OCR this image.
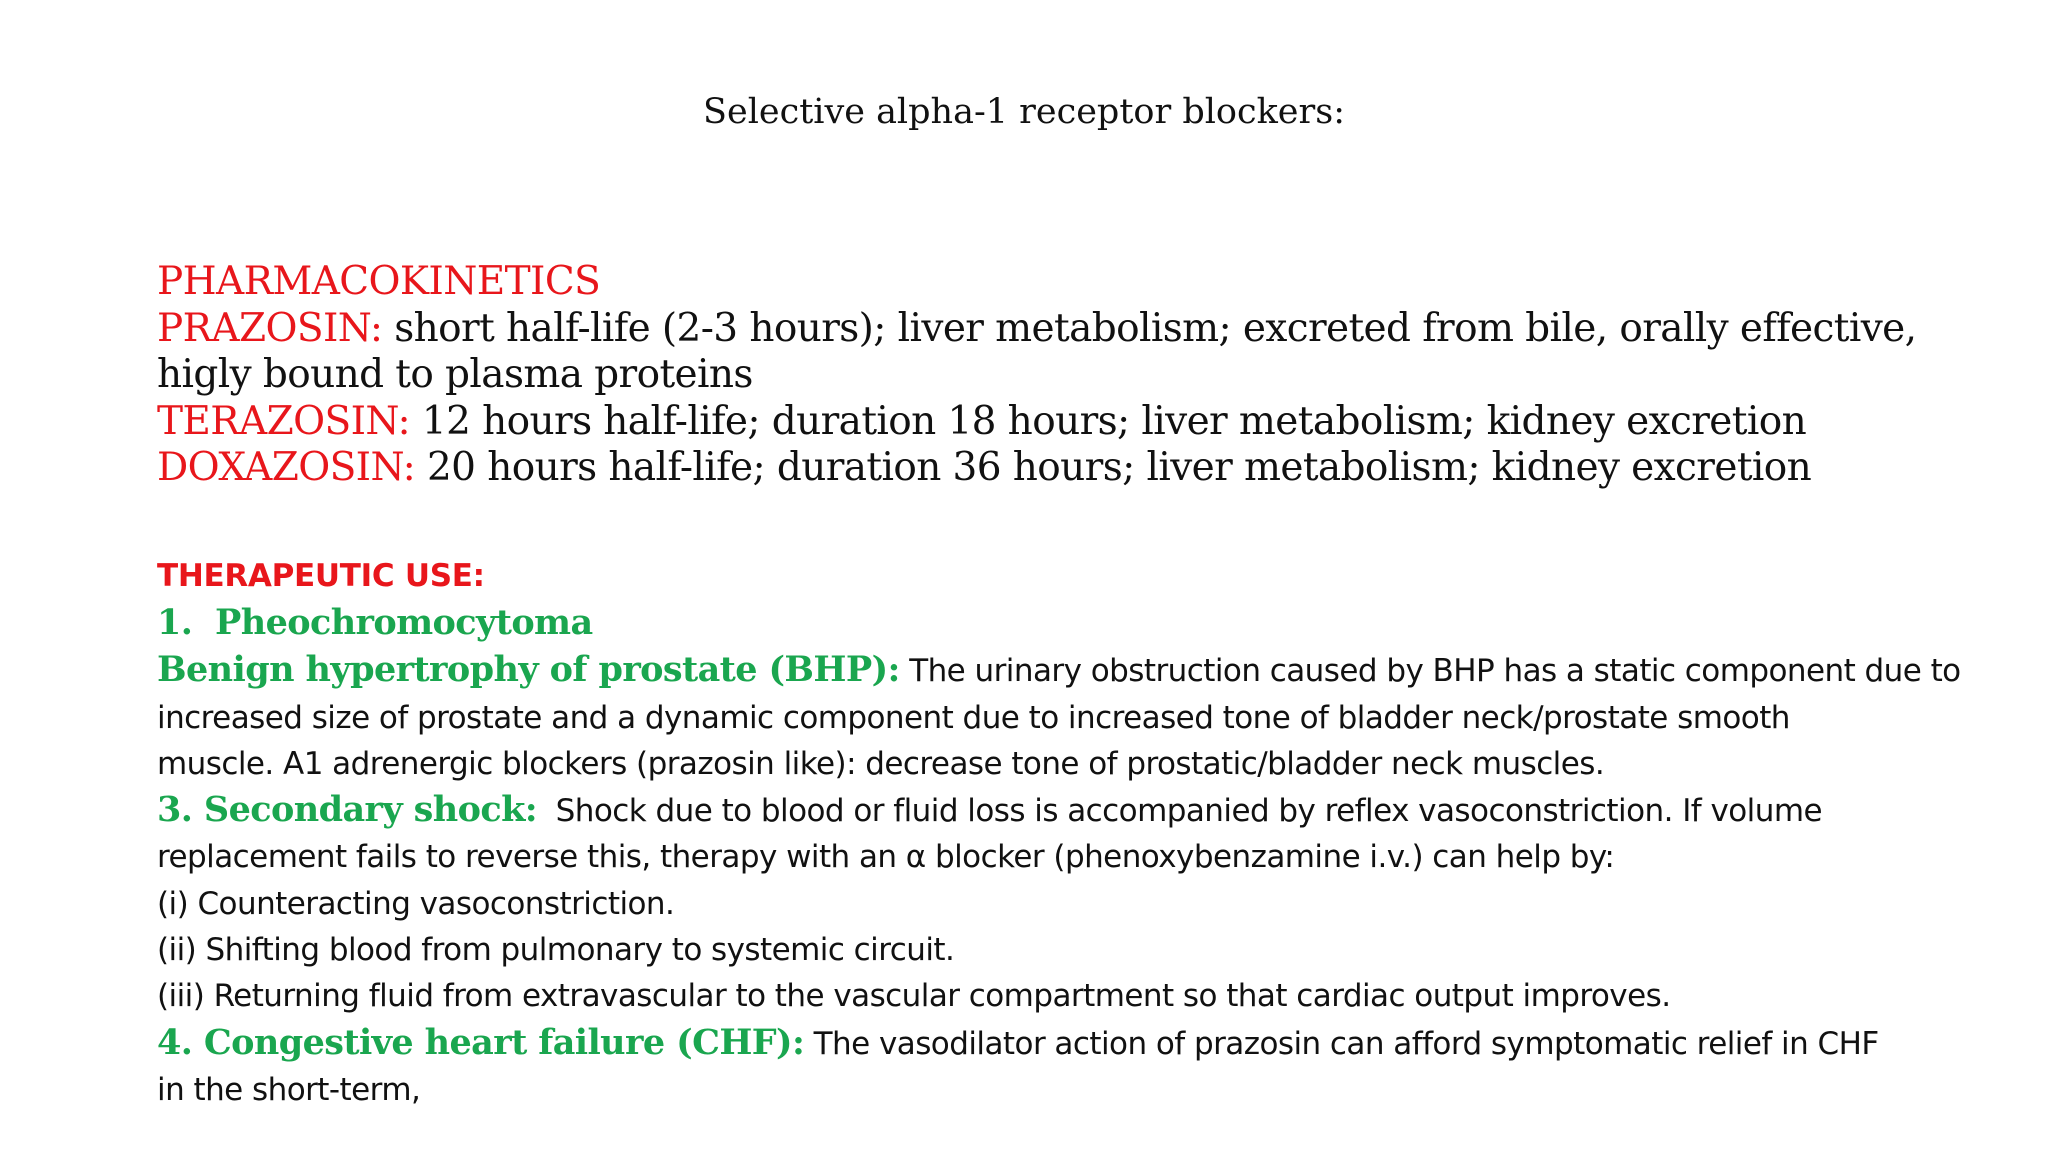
Selective alpha-1 receptor blockers:
PHARMACOKINETICS
PRAZOSIN: short half-life (2-3 hours); liver metabolism; excreted from bile, orally effective,
higly bound to plasma proteins
TERAZOSIN: 12 hours half-life; duration 18 hours; liver metabolism; kidney excretion
DOXAZOSIN: 20 hours half-life; duration 36 hours; liver metabolism; kidney excretion
THERAPEUTIC USE:
1. Pheochromocytoma
Benign hypertrophy of prostate (BHP): The urinary obstruction caused by BHP has a static component due to
increased size of prostate and a dynamic component due to increased tone of bladder neck/prostate smooth
muscle. A1 adrenergic blockers (prazosin like): decrease tone of prostatic/bladder neck muscles.
3. Secondary shock:  Shock due to blood or fluid loss is accompanied by reflex vasoconstriction. If volume
replacement fails to reverse this, therapy with an α blocker (phenoxybenzamine i.v.) can help by:
(i) Counteracting vasoconstriction.
(ii) Shifting blood from pulmonary to systemic circuit.
(iii) Returning fluid from extravascular to the vascular compartment so that cardiac output improves.
4. Congestive heart failure (CHF): The vasodilator action of prazosin can afford symptomatic relief in CHF
in the short-term,
